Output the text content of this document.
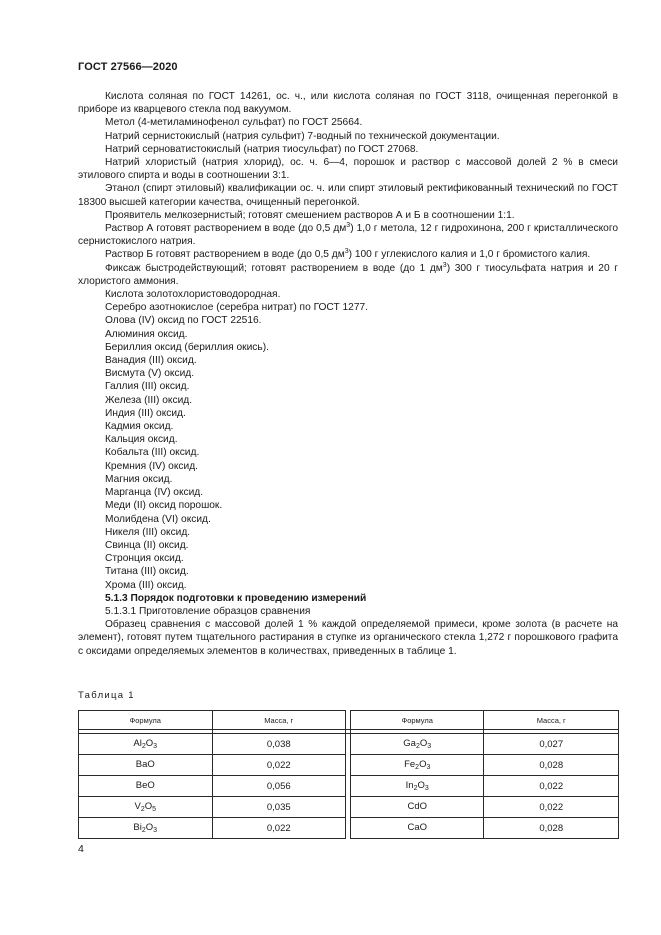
ГОСТ 27566—2020

Кислота соляная по ГОСТ 14261, ос. ч., или кислота соляная по ГОСТ 3118, очищенная перегонкой в приборе из кварцевого стекла под вакуумом.

Метол (4-метиламинофенол сульфат) по ГОСТ 25664.

Натрий сернистокислый (натрия сульфит) 7-водный по технической документации.

Натрий серноватистокислый (натрия тиосульфат) по ГОСТ 27068.

Натрий хлористый (натрия хлорид), ос. ч. 6—4, порошок и раствор с массовой долей 2 % в смеси этилового спирта и воды в соотношении 3:1.

Этанол (спирт этиловый) квалификации ос. ч. или спирт этиловый ректификованный технический по ГОСТ 18300 высшей категории качества, очищенный перегонкой.

Проявитель мелкозернистый; готовят смешением растворов А и Б в соотношении 1:1.

Раствор А готовят растворением в воде (до 0,5 $дм^3$) 1,0 г метола, 12 г гидрохинона, 200 г кристаллического сернистокислого натрия.

Раствор Б готовят растворением в воде (до 0,5 $дм^3$) 100 г углекислого калия и 1,0 г бромистого калия.

Фиксаж быстродействующий; готовят растворением в воде (до 1 $дм^3$) 300 г тиосульфата натрия и 20 г хлористого аммония.

Кислота золотохлористоводородная.

Серебро азотнокислое (серебра нитрат) по ГОСТ 1277.

Олова (IV) оксид по ГОСТ 22516.

Алюминия оксид.

Бериллия оксид (бериллия окись).

Ванадия (III) оксид.

Висмута (V) оксид.

Галлия (III) оксид.

Железа (III) оксид.

Индия (III) оксид.

Кадмия оксид.

Кальция оксид.

Кобальта (III) оксид.

Кремния (IV) оксид.

Магния оксид.

Марганца (IV) оксид.

Меди (II) оксид порошок.

Молибдена (VI) оксид.

Никеля (III) оксид.

Свинца (II) оксид.

Стронция оксид.

Титана (III) оксид.

Хрома (III) оксид.

5.1.3 Порядок подготовки к проведению измерений

5.1.3.1 Приготовление образцов сравнения

Образец сравнения с массовой долей 1 % каждой определяемой примеси, кроме золота (в расчете на элемент), готовят путем тщательного растирания в ступке из органического стекла 1,272 г порошкового графита с оксидами определяемых элементов в количествах, приведенных в таблице 1.

Таблица 1
Формула	Масса, г		Формула	Масса, г

$Al_2O_3$	0,038		$Ga_2O_3$	0,027
BaO	0,022		$Fe_2O_3$	0,028
BeO	0,056		$In_2O_3$	0,022
$V_2O_5$	0,035		CdO	0,022
$Bi_2O_3$	0,022		CaO	0,028
4
